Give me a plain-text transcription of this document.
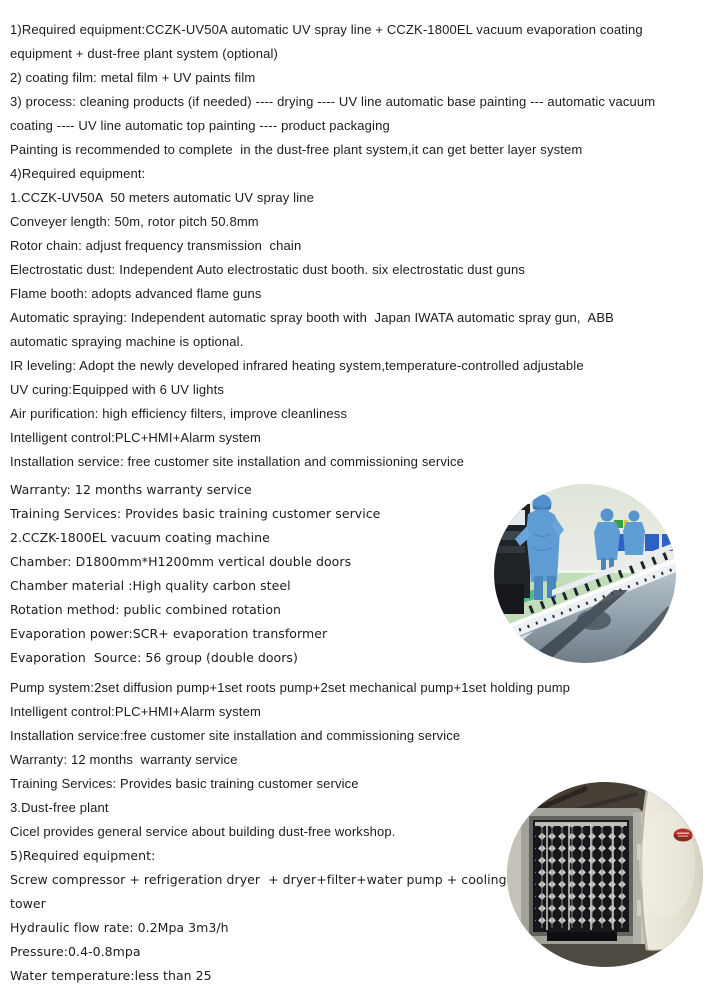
1)Required equipment:CCZK-UV50A automatic UV spray line + CCZK-1800EL vacuum evaporation coating
equipment + dust-free plant system (optional)
2) coating film: metal film + UV paints film
3) process: cleaning products (if needed) ---- drying ---- UV line automatic base painting --- automatic vacuum
coating ---- UV line automatic top painting ---- product packaging
Painting is recommended to complete  in the dust-free plant system,it can get better layer system
4)Required equipment:
1.CCZK-UV50A  50 meters automatic UV spray line
Conveyer length: 50m, rotor pitch 50.8mm
Rotor chain: adjust frequency transmission  chain
Electrostatic dust: Independent Auto electrostatic dust booth. six electrostatic dust guns
Flame booth: adopts advanced flame guns
Automatic spraying: Independent automatic spray booth with  Japan IWATA automatic spray gun,  ABB
automatic spraying machine is optional.
IR leveling: Adopt the newly developed infrared heating system,temperature-controlled adjustable
UV curing:Equipped with 6 UV lights
Air purification: high efficiency filters, improve cleanliness
Intelligent control:PLC+HMI+Alarm system
Installation service: free customer site installation and commissioning service
Warranty: 12 months warranty service
Training Services: Provides basic training customer service
2.CCZK-1800EL vacuum coating machine
Chamber: D1800mm*H1200mm vertical double doors
Chamber material :High quality carbon steel
Rotation method: public combined rotation
Evaporation power:SCR+ evaporation transformer
Evaporation  Source: 56 group (double doors)
Pump system:2set diffusion pump+1set roots pump+2set mechanical pump+1set holding pump
Intelligent control:PLC+HMI+Alarm system
Installation service:free customer site installation and commissioning service
Warranty: 12 months  warranty service
Training Services: Provides basic training customer service
3.Dust-free plant
Cicel provides general service about building dust-free workshop.
5)Required equipment:
Screw compressor + refrigeration dryer  + dryer+filter+water pump + cooling
tower
Hydraulic flow rate: 0.2Mpa 3m3/h
Pressure:0.4-0.8mpa
Water temperature:less than 25
